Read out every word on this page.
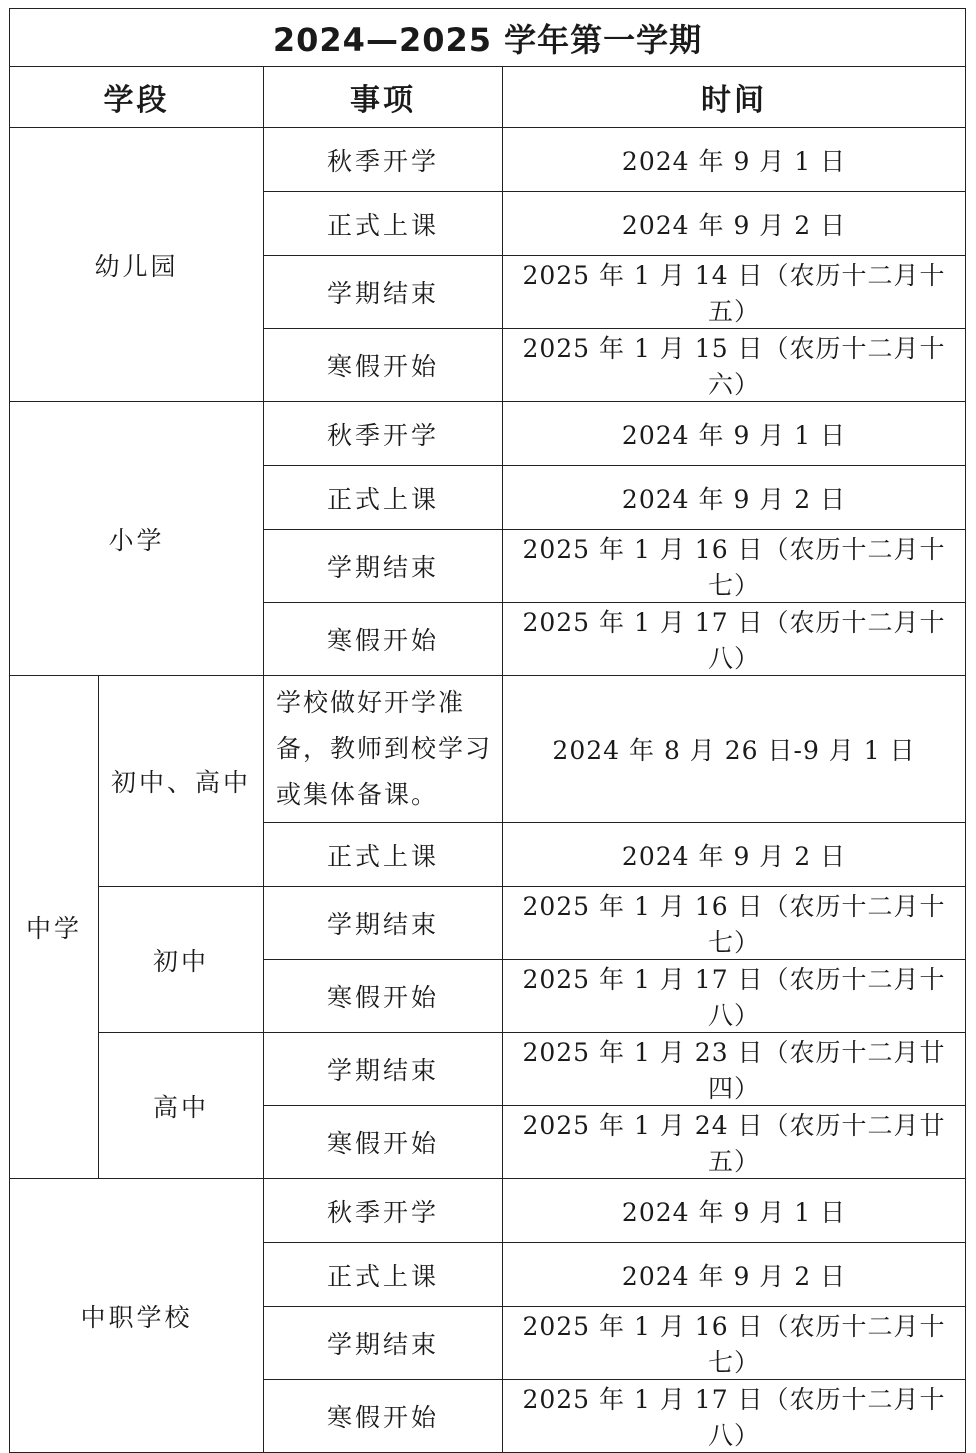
2024—2025 学年第一学期			
学段		事项	时间
幼儿园		秋季开学	2024 年 9 月 1 日
		正式上课	2024 年 9 月 2 日
		学期结束	2025 年 1 月 14 日（农历十二月十五）
		寒假开始	2025 年 1 月 15 日（农历十二月十六）
小学		秋季开学	2024 年 9 月 1 日
		正式上课	2024 年 9 月 2 日
		学期结束	2025 年 1 月 16 日（农历十二月十七）
		寒假开始	2025 年 1 月 17 日（农历十二月十八）
中学	初中、高中	学校做好开学准备，教师到校学习或集体备课。	2024 年 8 月 26 日-9 月 1 日
		正式上课	2024 年 9 月 2 日
	初中	学期结束	2025 年 1 月 16 日（农历十二月十七）
		寒假开始	2025 年 1 月 17 日（农历十二月十八）
	高中	学期结束	2025 年 1 月 23 日（农历十二月廿四）
		寒假开始	2025 年 1 月 24 日（农历十二月廿五）
中职学校		秋季开学	2024 年 9 月 1 日
		正式上课	2024 年 9 月 2 日
		学期结束	2025 年 1 月 16 日（农历十二月十七）
		寒假开始	2025 年 1 月 17 日（农历十二月十八）
